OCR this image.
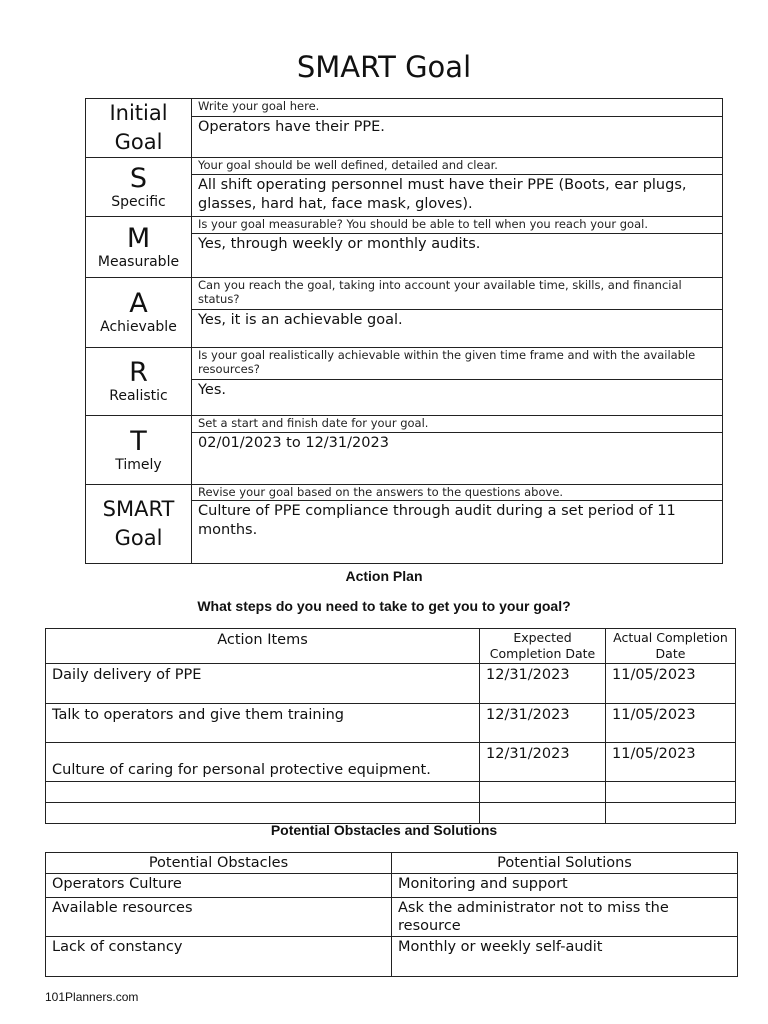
SMART Goal
Initial
Goal	Write your goal here.
	Operators have their PPE.

S
Specific	Your goal should be well defined, detailed and clear.
	All shift operating personnel must have their PPE (Boots, ear plugs, glasses, hard hat, face mask, gloves).

M
Measurable	Is your goal measurable? You should be able to tell when you reach your goal.
	Yes, through weekly or monthly audits.

A
Achievable	Can you reach the goal, taking into account your available time, skills, and financial status?
	Yes, it is an achievable goal.

R
Realistic	Is your goal realistically achievable within the given time frame and with the available resources?
	Yes.

T
Timely	Set a start and finish date for your goal.
	02/01/2023 to 12/31/2023

SMART
Goal	Revise your goal based on the answers to the questions above.
	Culture of PPE compliance through audit during a set period of 11 months.
Action Plan
What steps do you need to take to get you to your goal?
Action Items	Expected Completion Date	Actual Completion Date
Daily delivery of PPE	12/31/2023	11/05/2023
Talk to operators and give them training	12/31/2023	11/05/2023
Culture of caring for personal protective equipment.	12/31/2023	11/05/2023

Potential Obstacles and Solutions
Potential Obstacles	Potential Solutions
Operators Culture	Monitoring and support
Available resources	Ask the administrator not to miss the resource
Lack of constancy	Monthly or weekly self-audit
101Planners.com
